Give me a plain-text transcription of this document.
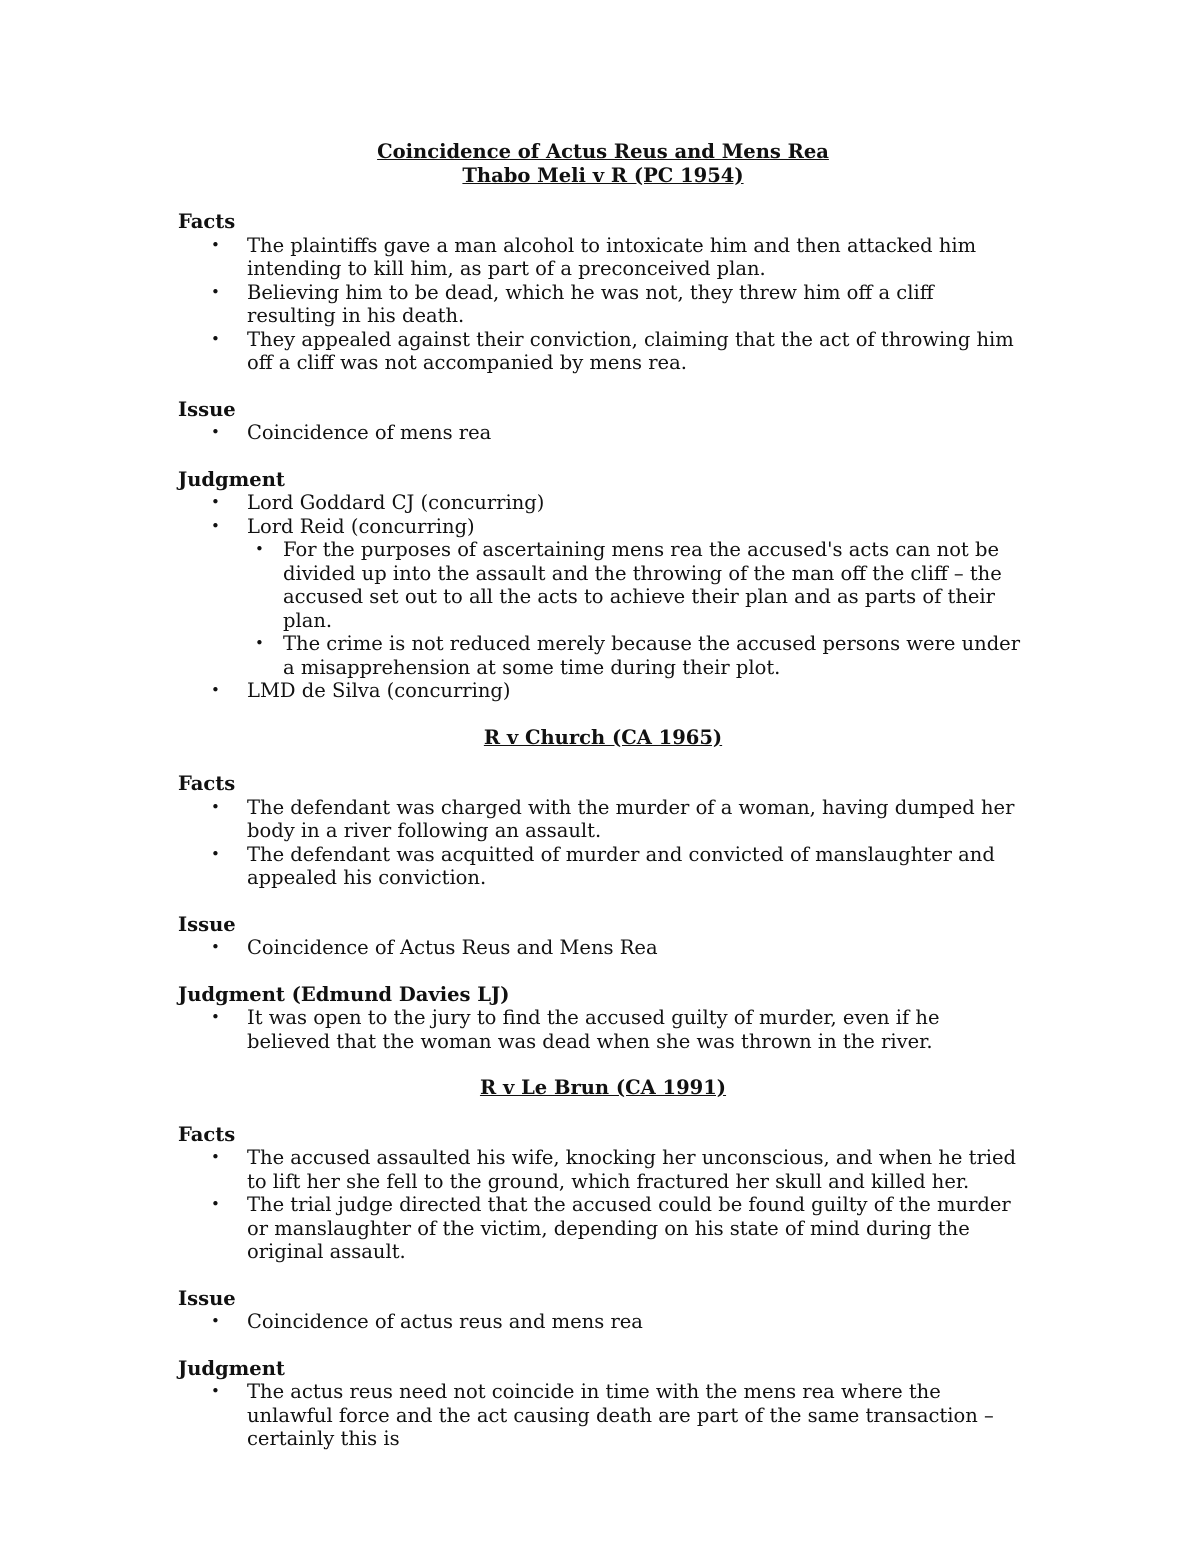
Coincidence of Actus Reus and Mens Rea

Thabo Meli v R (PC 1954)

Facts

• The plaintiffs gave a man alcohol to intoxicate him and then attacked him intending to kill him, as part of a preconceived plan.
• Believing him to be dead, which he was not, they threw him off a cliff resulting in his death.
• They appealed against their conviction, claiming that the act of throwing him off a cliff was not accompanied by mens rea.

Issue

• Coincidence of mens rea

Judgment

• Lord Goddard CJ (concurring)
• Lord Reid (concurring)
• For the purposes of ascertaining mens rea the accused's acts can not be divided up into the assault and the throwing of the man off the cliff – the accused set out to all the acts to achieve their plan and as parts of their plan.
• The crime is not reduced merely because the accused persons were under a misapprehension at some time during their plot.
• LMD de Silva (concurring)

R v Church (CA 1965)

Facts

• The defendant was charged with the murder of a woman, having dumped her body in a river following an assault.
• The defendant was acquitted of murder and convicted of manslaughter and appealed his conviction.

Issue

• Coincidence of Actus Reus and Mens Rea

Judgment (Edmund Davies LJ)

• It was open to the jury to find the accused guilty of murder, even if he believed that the woman was dead when she was thrown in the river.

R v Le Brun (CA 1991)

Facts

• The accused assaulted his wife, knocking her unconscious, and when he tried to lift her she fell to the ground, which fractured her skull and killed her.
• The trial judge directed that the accused could be found guilty of the murder or manslaughter of the victim, depending on his state of mind during the original assault.

Issue

• Coincidence of actus reus and mens rea

Judgment

• The actus reus need not coincide in time with the mens rea where the unlawful force and the act causing death are part of the same transaction – certainly this is
